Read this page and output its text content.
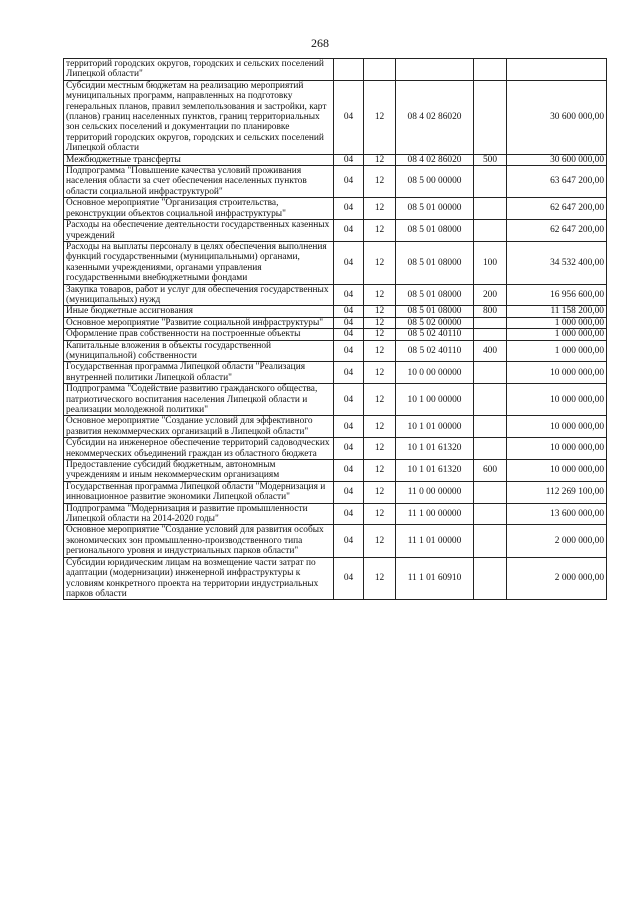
268
территорий городских округов, городских и сельских поселений Липецкой области"					
Субсидии местным бюджетам на реализацию мероприятий муниципальных программ, направленных на подготовку генеральных планов, правил землепользования и застройки, карт (планов) границ населенных пунктов, границ территориальных зон сельских поселений и документации по планировке территорий городских округов, городских и сельских поселений Липецкой области	04	12	08 4 02 86020		30 600 000,00
Межбюджетные трансферты	04	12	08 4 02 86020	500	30 600 000,00
Подпрограмма "Повышение качества условий проживания населения области за счет обеспечения населенных пунктов области социальной инфраструктурой"	04	12	08 5 00 00000		63 647 200,00
Основное мероприятие "Организация строительства, реконструкции объектов социальной инфраструктуры"	04	12	08 5 01 00000		62 647 200,00
Расходы на обеспечение деятельности государственных казенных учреждений	04	12	08 5 01 08000		62 647 200,00
Расходы на выплаты персоналу в целях обеспечения выполнения функций государственными (муниципальными) органами, казенными учреждениями, органами управления государственными внебюджетными фондами	04	12	08 5 01 08000	100	34 532 400,00
Закупка товаров, работ и услуг для обеспечения государственных (муниципальных) нужд	04	12	08 5 01 08000	200	16 956 600,00
Иные бюджетные ассигнования	04	12	08 5 01 08000	800	11 158 200,00
Основное мероприятие "Развитие социальной инфраструктуры"	04	12	08 5 02 00000		1 000 000,00
Оформление прав собственности на построенные объекты	04	12	08 5 02 40110		1 000 000,00
Капитальные вложения в объекты государственной (муниципальной) собственности	04	12	08 5 02 40110	400	1 000 000,00
Государственная программа Липецкой области "Реализация внутренней политики Липецкой области"	04	12	10 0 00 00000		10 000 000,00
Подпрограмма "Содействие развитию гражданского общества, патриотического воспитания населения Липецкой области и реализации молодежной политики"	04	12	10 1 00 00000		10 000 000,00
Основное мероприятие "Создание условий для эффективного развития некоммерческих организаций в Липецкой области"	04	12	10 1 01 00000		10 000 000,00
Субсидии на инженерное обеспечение территорий садоводческих некоммерческих объединений граждан из областного бюджета	04	12	10 1 01 61320		10 000 000,00
Предоставление субсидий бюджетным, автономным учреждениям и иным некоммерческим организациям	04	12	10 1 01 61320	600	10 000 000,00
Государственная программа Липецкой области "Модернизация и инновационное развитие экономики Липецкой области"	04	12	11 0 00 00000		112 269 100,00
Подпрограмма "Модернизация и развитие промышленности Липецкой области на 2014-2020 годы"	04	12	11 1 00 00000		13 600 000,00
Основное мероприятие "Создание условий для развития особых экономических зон промышленно-производственного типа регионального уровня и индустриальных парков области"	04	12	11 1 01 00000		2 000 000,00
Субсидии юридическим лицам на возмещение части затрат по адаптации (модернизации) инженерной инфраструктуры к условиям конкретного проекта на территории индустриальных парков области	04	12	11 1 01 60910		2 000 000,00
